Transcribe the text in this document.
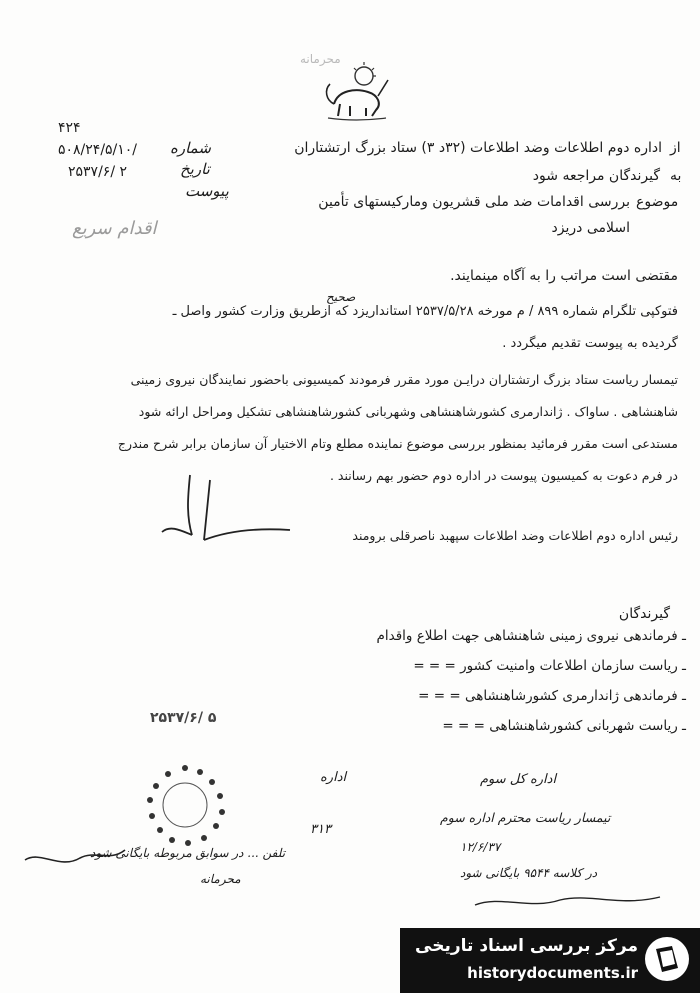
محرمانه
۴۲۴
۵۰۸/۲۴/۵/۱۰/ شماره
۲۵۳۷/۶/ ۲	تاریخ
پیوست
اقدام سریع
اداره دوم اطلاعات وضد اطلاعات (۳۲د ۳) ستاد بزرگ ارتشتاران از
گیرندگان مراجعه شود به
بررسی اقدامات ضد ملی قشریون ومارکیستهای تأمین موضوع
اسلامی دریزد
مقتضی است مراتب را به آگاه مینمایند.
صحیح
فتوکپی تلگرام شماره ۸۹۹ / م مورخه ۲۵۳۷/۵/۲۸ استانداریزد که ازطریق وزارت کشور واصل ـ
گردیده به پیوست تقدیم میگردد .
تیمسار ریاست ستاد بزرگ ارتشتاران درایـن مورد مقرر فرمودند کمیسیونی باحضور نمایندگان نیروی زمینی
شاهنشاهی . ساواک . ژاندارمری کشورشاهنشاهی وشهربانی کشورشاهنشاهی تشکیل ومراحل ارائه شود
مستدعی است مقرر فرمائید بمنظور بررسی موضوع نماینده مطلع وتام الاختیار آن سازمان برابر شرح مندرج
در فرم دعوت به کمیسیون پیوست در اداره دوم حضور بهم رسانند .
رئیس اداره دوم اطلاعات وضد اطلاعات سپهبد ناصرقلی برومند
گیرندگان
ـ فرماندهی نیروی زمینی شاهنشاهی جهت اطلاع واقدام
ـ ریاست سازمان اطلاعات وامنیت کشور = = =
ـ فرماندهی ژاندارمری کشورشاهنشاهی = = =
ـ ریاست شهربانی کشورشاهنشاهی = = =
۲۵۳۷/۶/ ۵
اداره کل سوم
اداره
تیمسار ریاست محترم اداره سوم
۳۱۳
۱۲/۶/۳۷
تلفن ... در سوابق مربوطه بایگانی شود
در کلاسه ۹۵۴۴ بایگانی شود
محرمانه
مرکز بررسی اسناد تاریخی
historydocuments.ir
